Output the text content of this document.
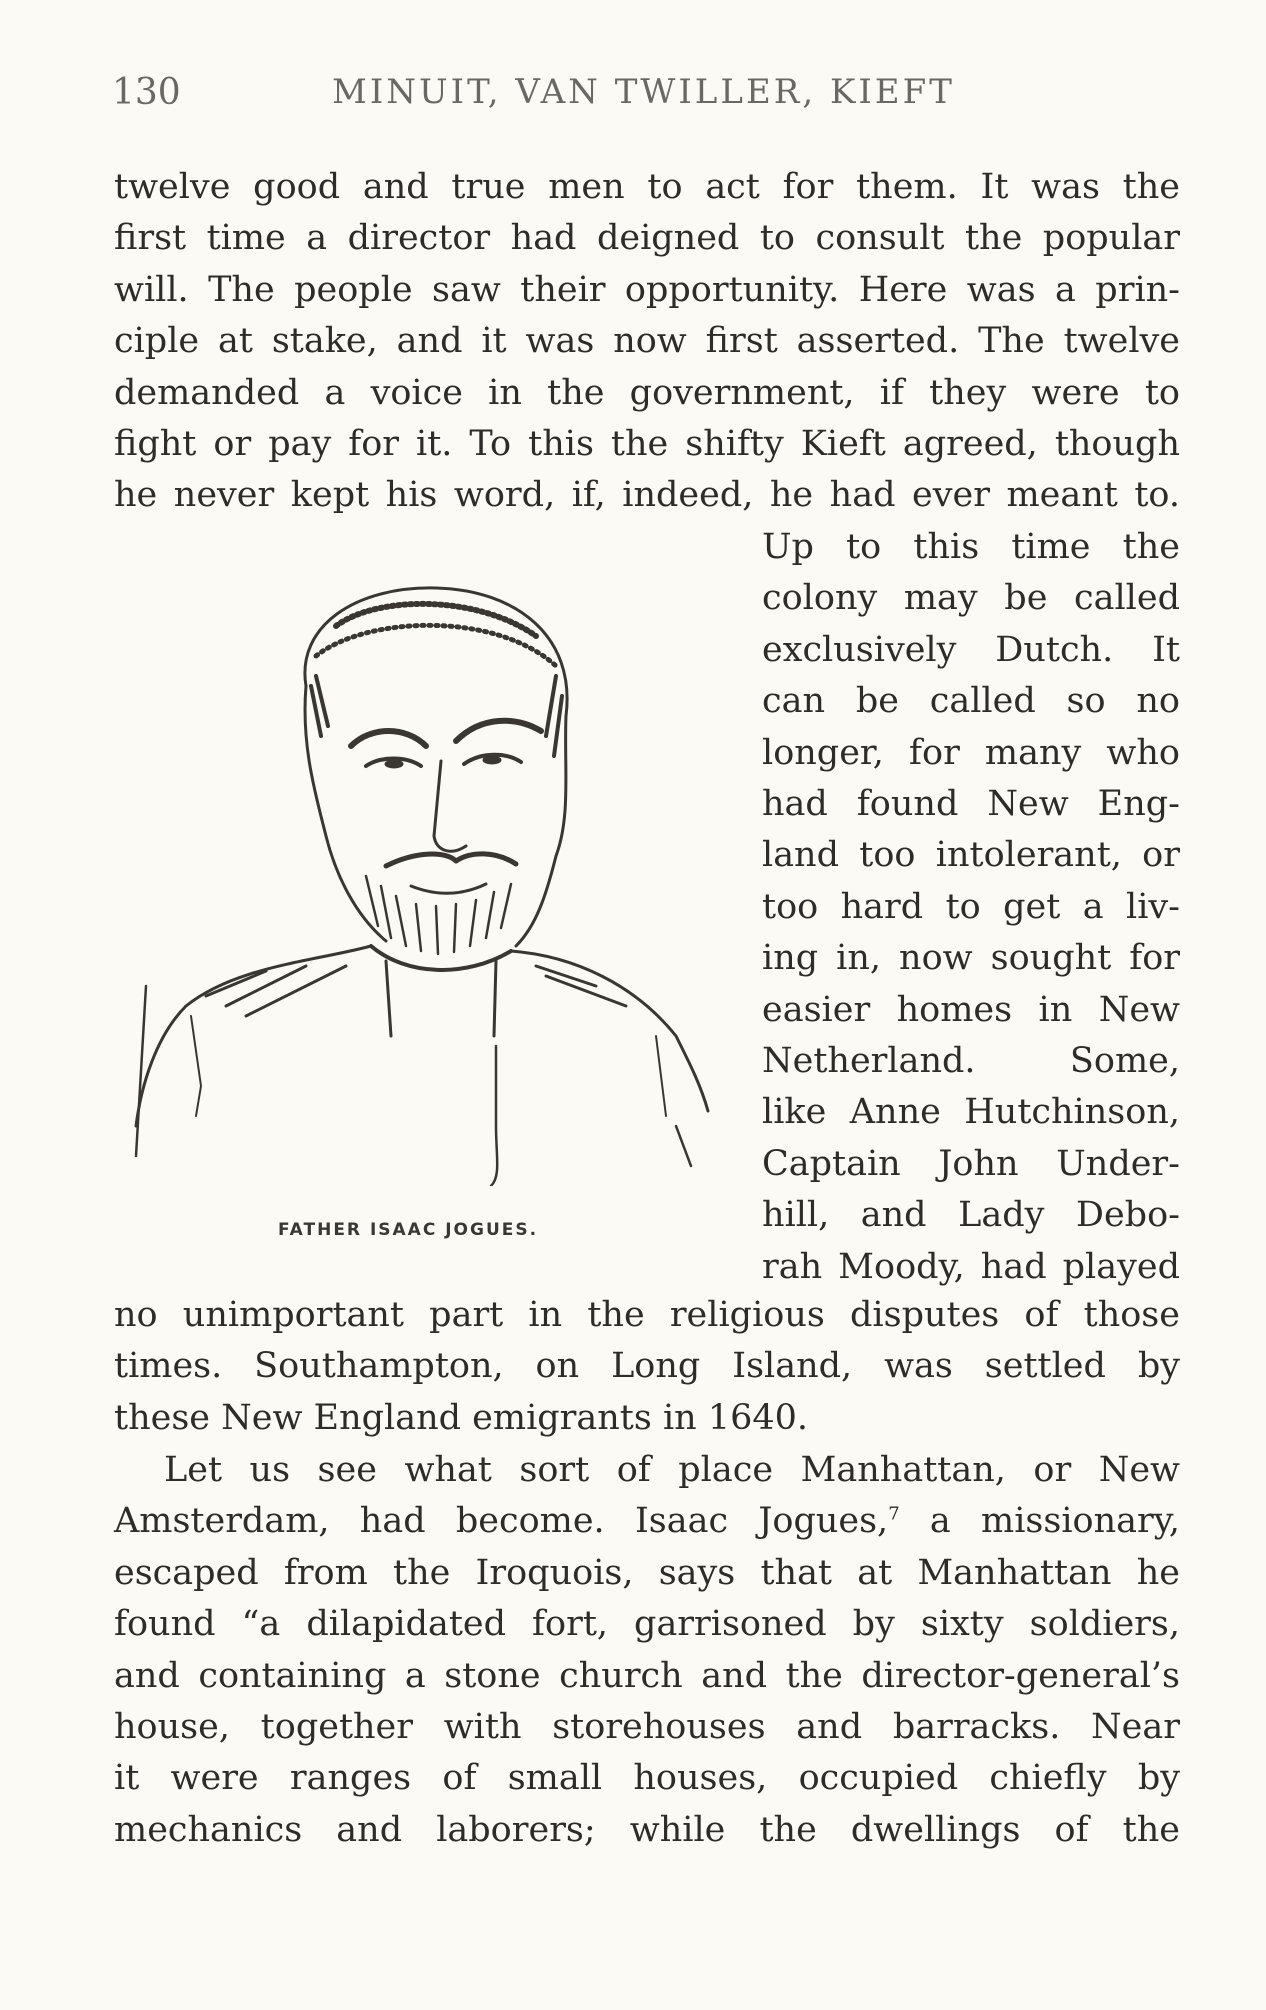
130	MINUIT, VAN TWILLER, KIEFT

twelve good and true men to act for them. It was the
first time a director had deigned to consult the popular
will. The people saw their opportunity. Here was a prin-
ciple at stake, and it was now first asserted. The twelve
demanded a voice in the government, if they were to
fight or pay for it. To this the shifty Kieft agreed, though
he never kept his word, if, indeed, he had ever meant to.

Up to this time the
colony may be called
exclusively Dutch. It
can be called so no
longer, for many who
had found New Eng-
land too intolerant, or
too hard to get a liv-
ing in, now sought for
easier homes in New
Netherland. Some,
like Anne Hutchinson,
Captain John Under-
hill, and Lady Debo-
rah Moody, had played

FATHER ISAAC JOGUES.

no unimportant part in the religious disputes of those
times. Southampton, on Long Island, was settled by
these New England emigrants in 1640.

Let us see what sort of place Manhattan, or New
Amsterdam, had become. Isaac Jogues,$^7$ a missionary,
escaped from the Iroquois, says that at Manhattan he
found “a dilapidated fort, garrisoned by sixty soldiers,
and containing a stone church and the director-general’s
house, together with storehouses and barracks. Near
it were ranges of small houses, occupied chiefly by
mechanics and laborers; while the dwellings of the
